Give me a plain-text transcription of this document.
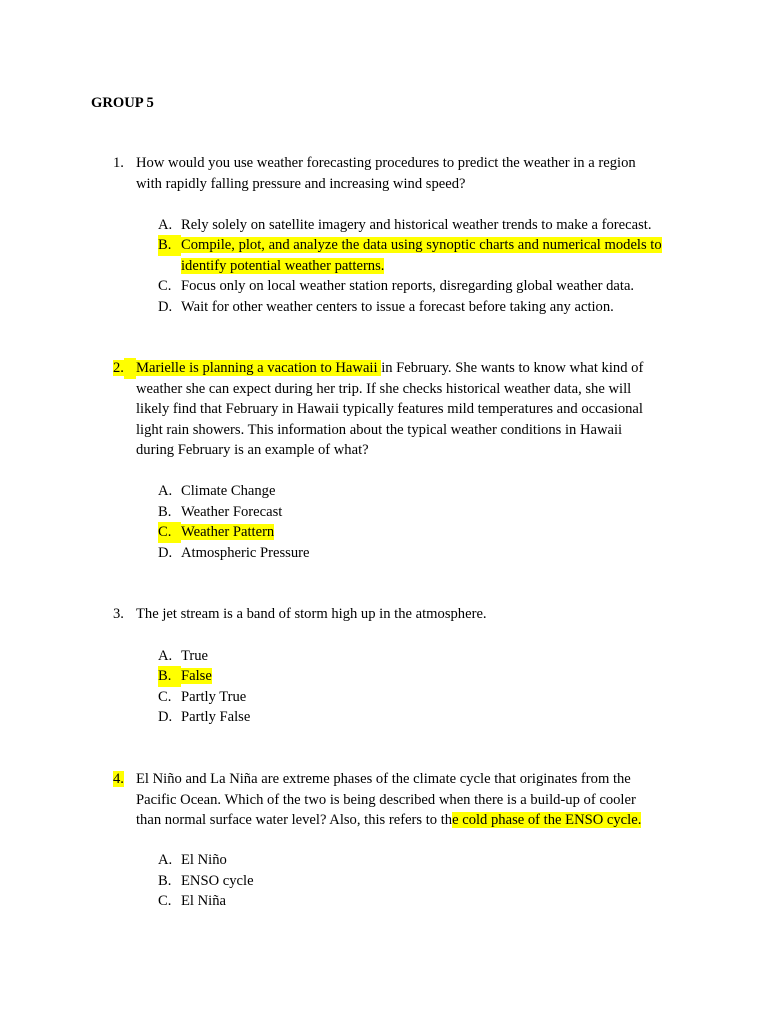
GROUP 5
1. How would you use weather forecasting procedures to predict the weather in a region
with rapidly falling pressure and increasing wind speed?
A. Rely solely on satellite imagery and historical weather trends to make a forecast.
B. Compile, plot, and analyze the data using synoptic charts and numerical models to
identify potential weather patterns.
C. Focus only on local weather station reports, disregarding global weather data.
D. Wait for other weather centers to issue a forecast before taking any action.
2. Marielle is planning a vacation to Hawaii in February. She wants to know what kind of
weather she can expect during her trip. If she checks historical weather data, she will
likely find that February in Hawaii typically features mild temperatures and occasional
light rain showers. This information about the typical weather conditions in Hawaii
during February is an example of what?
A. Climate Change
B. Weather Forecast
C. Weather Pattern
D. Atmospheric Pressure
3. The jet stream is a band of storm high up in the atmosphere.
A. True
B. False
C. Partly True
D. Partly False
4. El Niño and La Niña are extreme phases of the climate cycle that originates from the
Pacific Ocean. Which of the two is being described when there is a build-up of cooler
than normal surface water level? Also, this refers to the cold phase of the ENSO cycle.
A. El Niño
B. ENSO cycle
C. El Niña
